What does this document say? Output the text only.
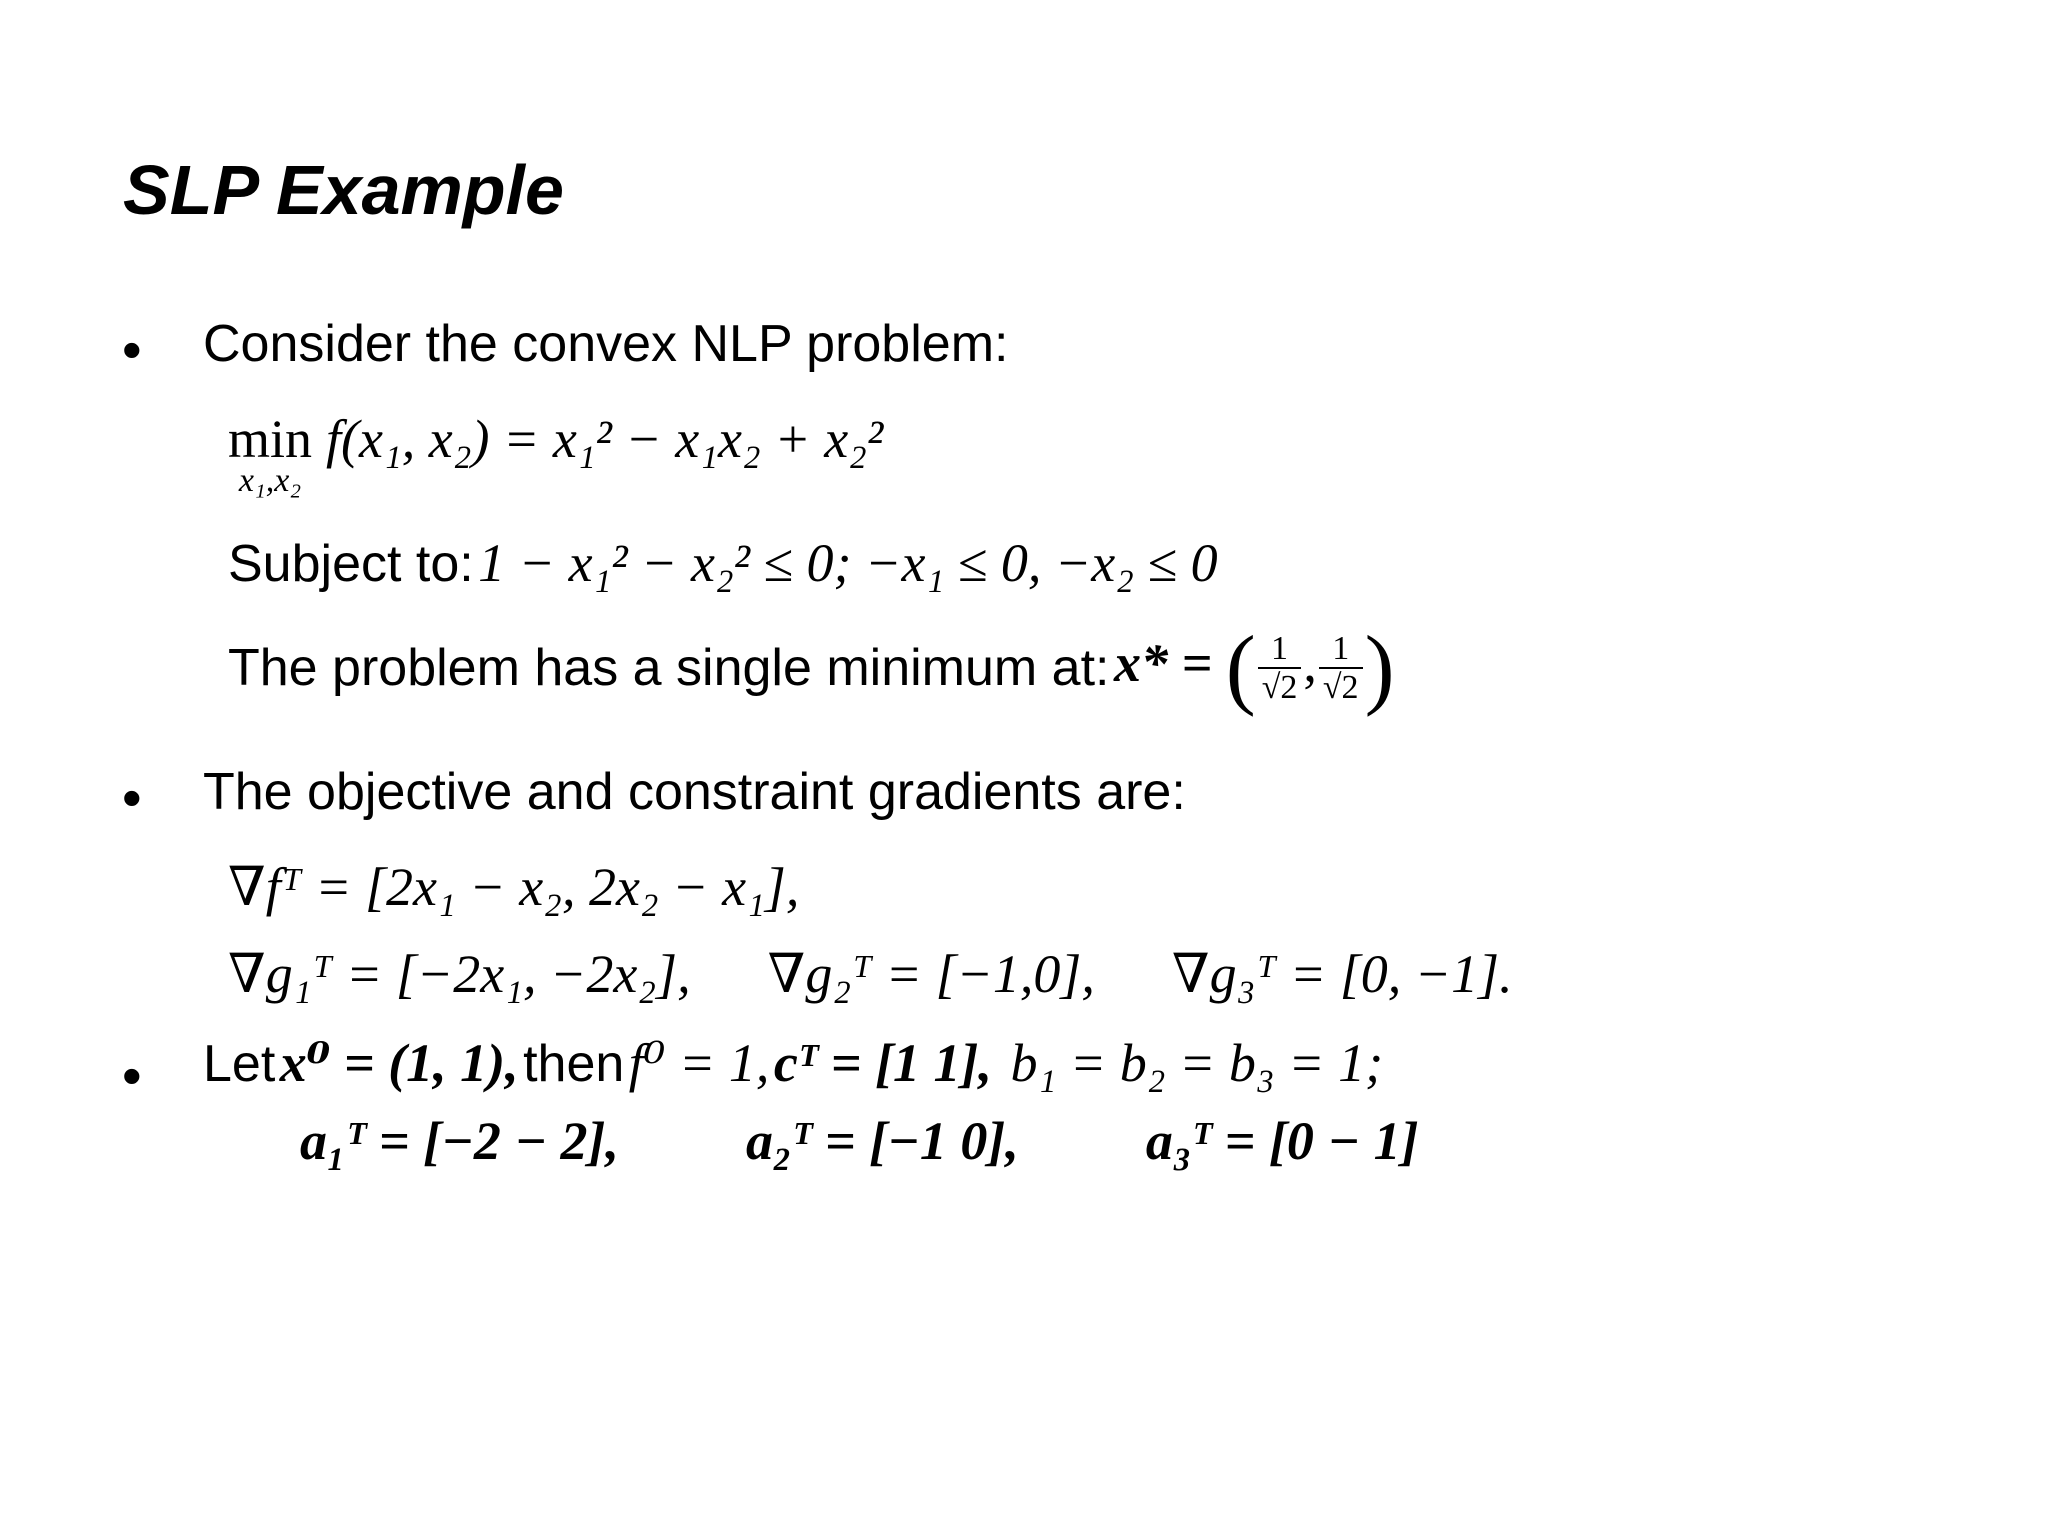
SLP Example
• Consider the convex NLP problem:
min
x₁,x₂
f(x₁, x₂) = x₁² − x₁x₂ + x₂²
Subject to: 1 − x₁² − x₂² ≤ 0; −x₁ ≤ 0, −x₂ ≤ 0
The problem has a single minimum at: x* = ( $\frac{1}{√2}$ , $\frac{1}{√2}$ )
• The objective and constraint gradients are:
∇fᵀ = [2x₁ − x₂, 2x₂ − x₁],
∇g₁ᵀ = [−2x₁, −2x₂], ∇g₂ᵀ = [−1,0], ∇g₃ᵀ = [0, −1].
• Let x⁰ = (1, 1), then f⁰ = 1, cᵀ = [1 1], b₁ = b₂ = b₃ = 1;
a₁ᵀ = [−2 − 2], a₂ᵀ = [−1 0], a₃ᵀ = [0 − 1]
